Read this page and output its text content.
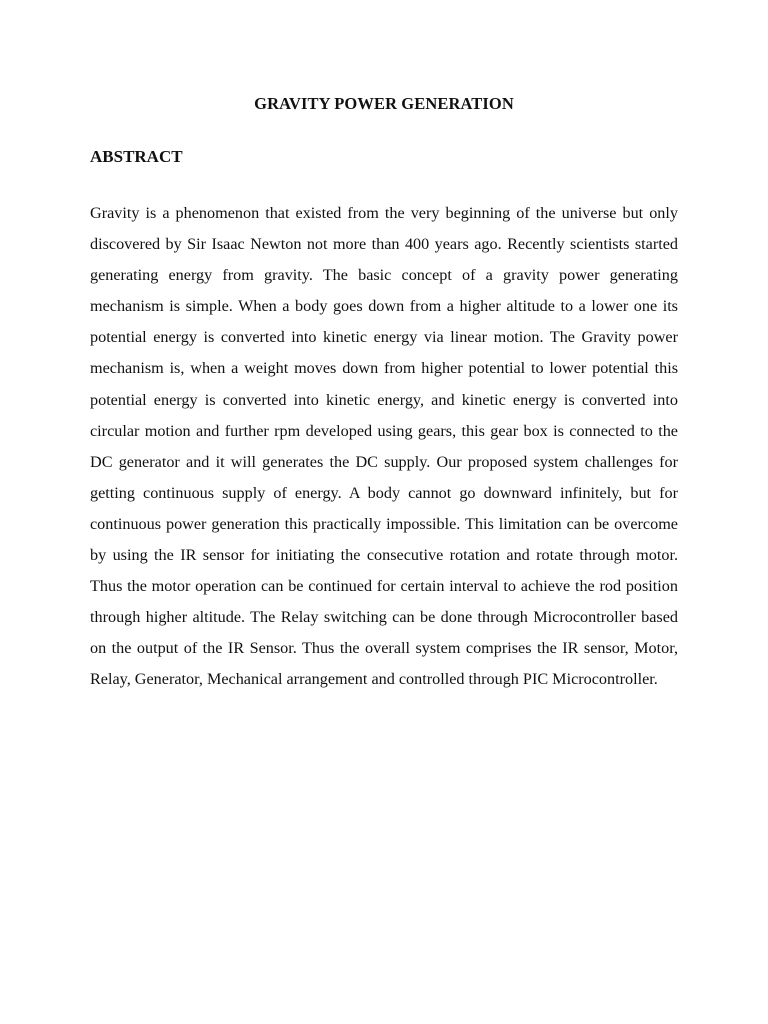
GRAVITY POWER GENERATION
ABSTRACT

Gravity is a phenomenon that existed from the very beginning of the universe but only discovered by Sir Isaac Newton not more than 400 years ago. Recently scientists started generating energy from gravity. The basic concept of a gravity power generating mechanism is simple. When a body goes down from a higher altitude to a lower one its potential energy is converted into kinetic energy via linear motion. The Gravity power mechanism is, when a weight moves down from higher potential to lower potential this potential energy is converted into kinetic energy, and kinetic energy is converted into circular motion and further rpm developed using gears, this gear box is connected to the DC generator and it will generates the DC supply. Our proposed system challenges for getting continuous supply of energy. A body cannot go downward infinitely, but for continuous power generation this practically impossible. This limitation can be overcome by using the IR sensor for initiating the consecutive rotation and rotate through motor. Thus the motor operation can be continued for certain interval to achieve the rod position through higher altitude. The Relay switching can be done through Microcontroller based on the output of the IR Sensor. Thus the overall system comprises the IR sensor, Motor, Relay, Generator, Mechanical arrangement and controlled through PIC Microcontroller.
